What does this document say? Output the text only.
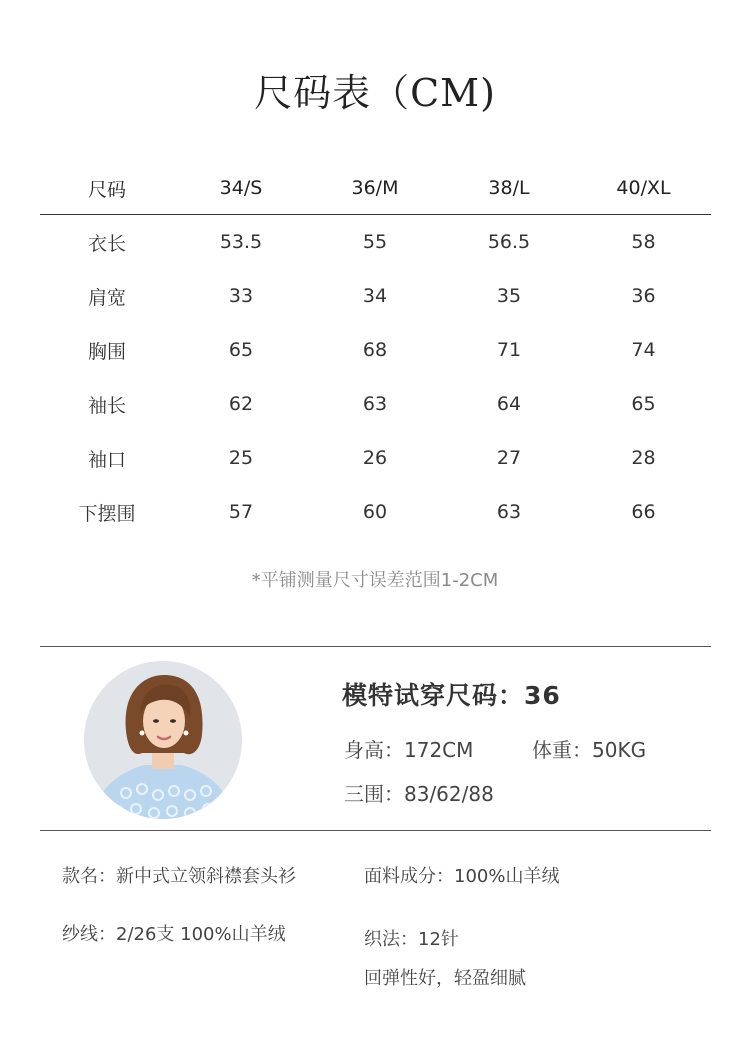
尺码表（CM)
尺码	34/S	36/M	38/L	40/XL
衣长	53.5	55	56.5	58
肩宽	33	34	35	36
胸围	65	68	71	74
袖长	62	63	64	65
袖口	25	26	27	28
下摆围	57	60	63	66
*平铺测量尺寸误差范围1-2CM
模特试穿尺码：36
身高：172CM	体重：50KG
三围：83/62/88
款名：新中式立领斜襟套头衫	面料成分：100%山羊绒
纱线：2/26支 100%山羊绒	织法：12针
回弹性好，轻盈细腻
